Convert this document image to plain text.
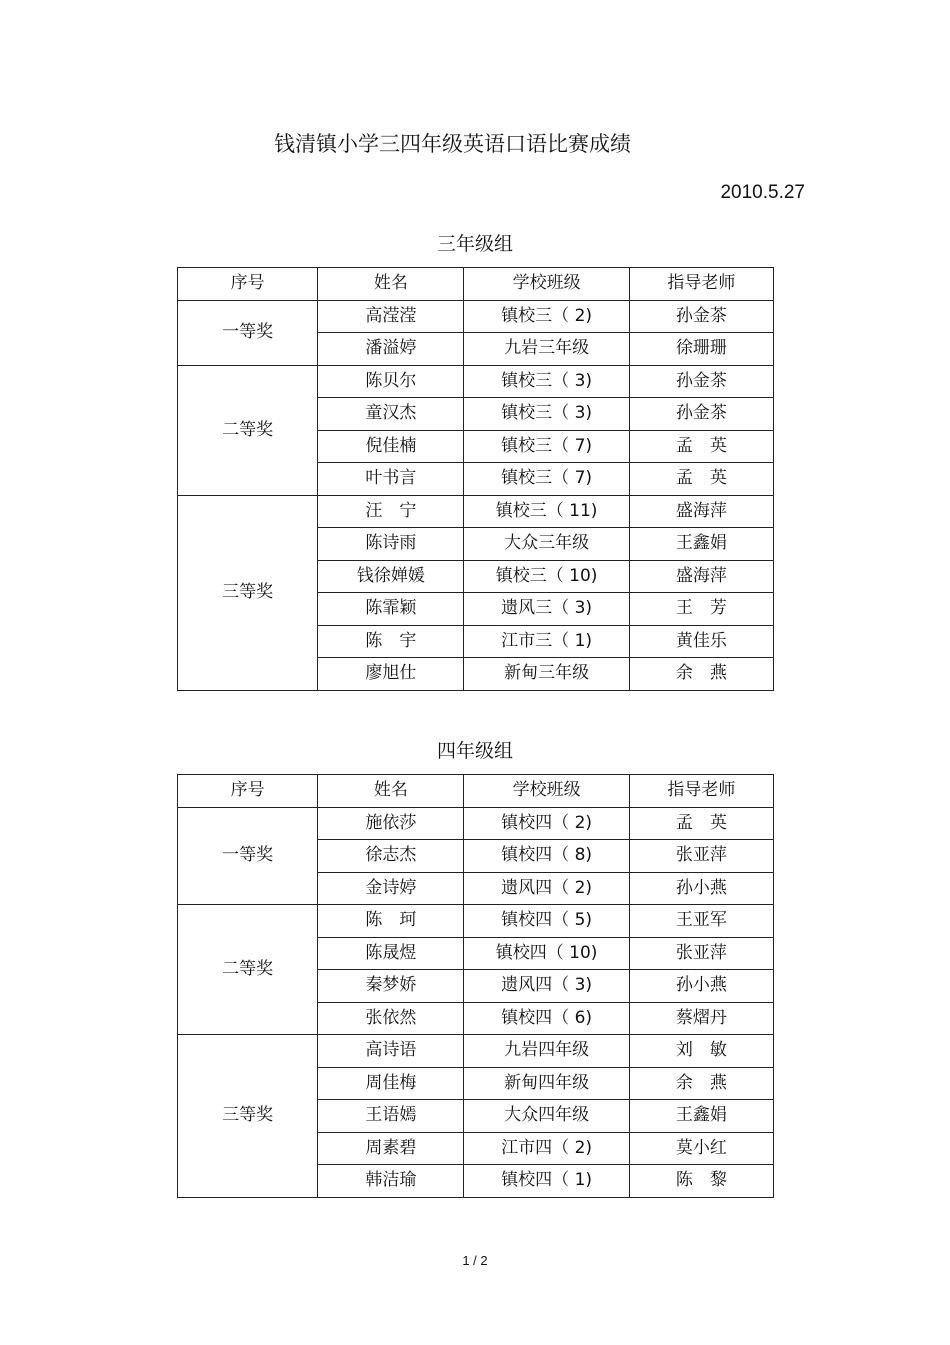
钱清镇小学三四年级英语口语比赛成绩
2010.5.27
三年级组
序号	姓名	学校班级	指导老师
一等奖	高滢滢	镇校三（ 2)	孙金茶
	潘溢婷	九岩三年级	徐珊珊
二等奖	陈贝尔	镇校三（ 3)	孙金茶
	童汉杰	镇校三（ 3)	孙金茶
	倪佳楠	镇校三（ 7)	孟　英
	叶书言	镇校三（ 7)	孟　英
三等奖	汪　宁	镇校三（ 11)	盛海萍
	陈诗雨	大众三年级	王鑫娟
	钱徐婵媛	镇校三（ 10)	盛海萍
	陈霏颖	遗风三（ 3)	王　芳
	陈　宇	江市三（ 1)	黄佳乐
	廖旭仕	新甸三年级	余　燕
四年级组
序号	姓名	学校班级	指导老师
一等奖	施依莎	镇校四（ 2)	孟　英
	徐志杰	镇校四（ 8)	张亚萍
	金诗婷	遗风四（ 2)	孙小燕
二等奖	陈　珂	镇校四（ 5)	王亚军
	陈晟煜	镇校四（ 10)	张亚萍
	秦梦娇	遗风四（ 3)	孙小燕
	张依然	镇校四（ 6)	蔡熠丹
三等奖	高诗语	九岩四年级	刘　敏
	周佳梅	新甸四年级	余　燕
	王语嫣	大众四年级	王鑫娟
	周素碧	江市四（ 2)	莫小红
	韩洁瑜	镇校四（ 1)	陈　黎
1 / 2
